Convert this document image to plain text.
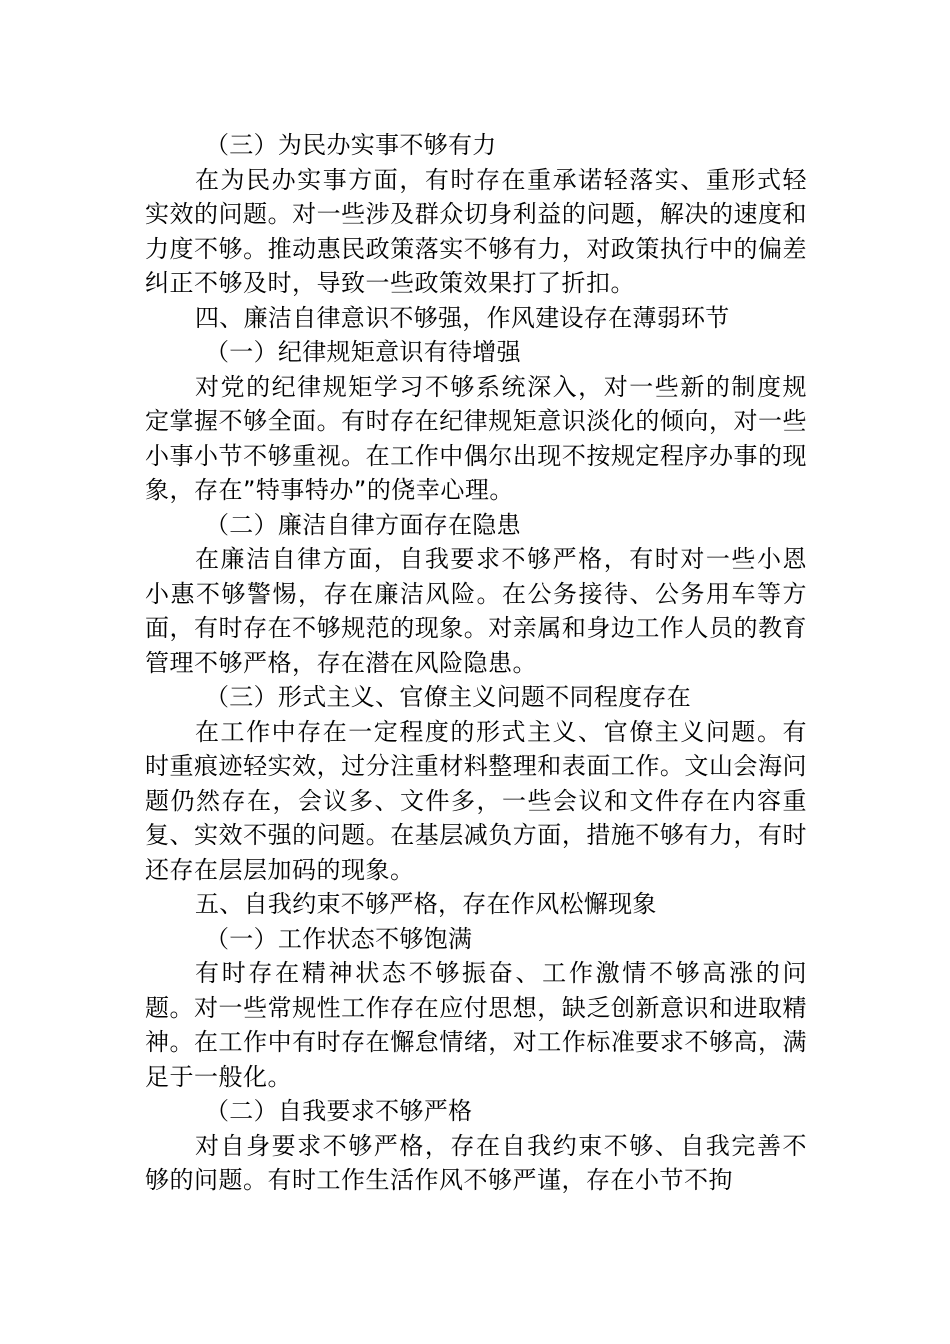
（三）为民办实事不够有力

在为民办实事方面，有时存在重承诺轻落实、重形式轻实效的问题。对一些涉及群众切身利益的问题，解决的速度和力度不够。推动惠民政策落实不够有力，对政策执行中的偏差纠正不够及时，导致一些政策效果打了折扣。

四、廉洁自律意识不够强，作风建设存在薄弱环节

（一）纪律规矩意识有待增强

对党的纪律规矩学习不够系统深入，对一些新的制度规定掌握不够全面。有时存在纪律规矩意识淡化的倾向，对一些小事小节不够重视。在工作中偶尔出现不按规定程序办事的现象，存在”特事特办”的侥幸心理。

（二）廉洁自律方面存在隐患

在廉洁自律方面，自我要求不够严格，有时对一些小恩小惠不够警惕，存在廉洁风险。在公务接待、公务用车等方面，有时存在不够规范的现象。对亲属和身边工作人员的教育管理不够严格，存在潜在风险隐患。

（三）形式主义、官僚主义问题不同程度存在

在工作中存在一定程度的形式主义、官僚主义问题。有时重痕迹轻实效，过分注重材料整理和表面工作。文山会海问题仍然存在，会议多、文件多，一些会议和文件存在内容重复、实效不强的问题。在基层减负方面，措施不够有力，有时还存在层层加码的现象。

五、自我约束不够严格，存在作风松懈现象

（一）工作状态不够饱满

有时存在精神状态不够振奋、工作激情不够高涨的问题。对一些常规性工作存在应付思想，缺乏创新意识和进取精神。在工作中有时存在懈怠情绪，对工作标准要求不够高，满足于一般化。

（二）自我要求不够严格

对自身要求不够严格，存在自我约束不够、自我完善不够的问题。有时工作生活作风不够严谨，存在小节不拘
